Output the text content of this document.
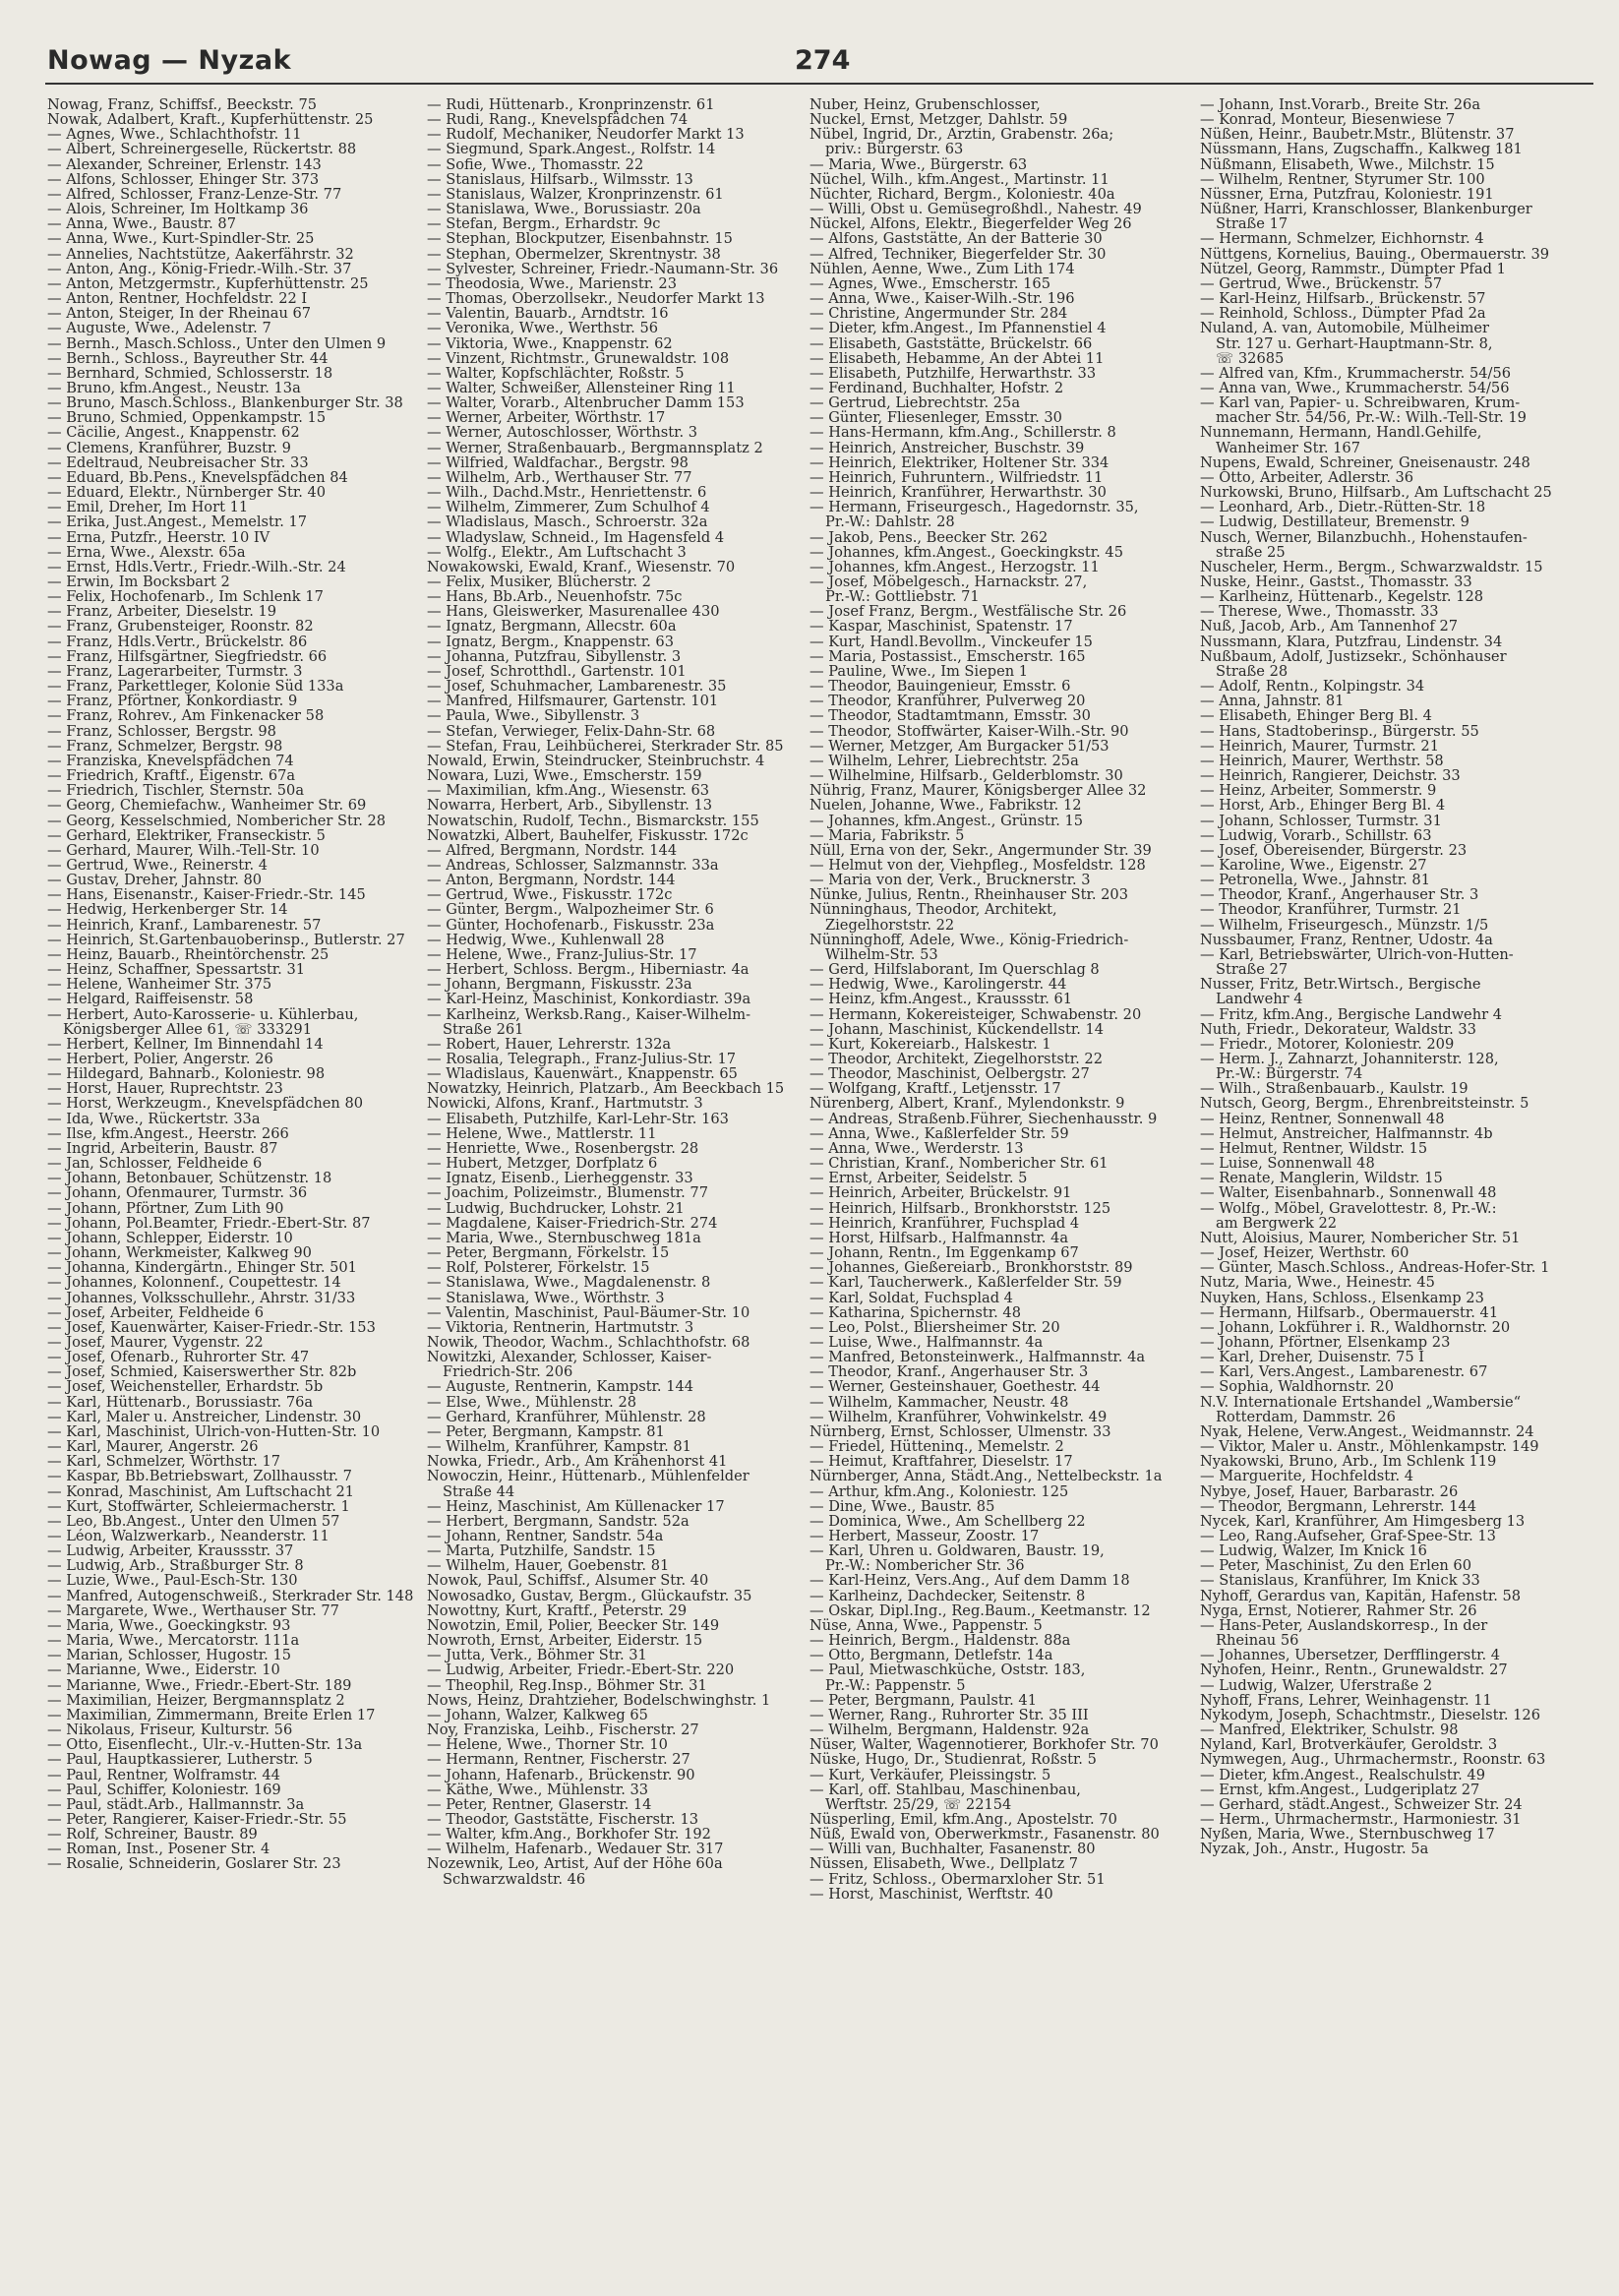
Nowag — Nyzak	274
Nowag, Franz, Schiffsf., Beeckstr. 75
Nowak, Adalbert, Kraft., Kupferhüttenstr. 25
— Agnes, Wwe., Schlachthofstr. 11
— Albert, Schreinergeselle, Rückertstr. 88
— Alexander, Schreiner, Erlenstr. 143
— Alfons, Schlosser, Ehinger Str. 373
— Alfred, Schlosser, Franz-Lenze-Str. 77
— Alois, Schreiner, Im Holtkamp 36
— Anna, Wwe., Baustr. 87
— Anna, Wwe., Kurt-Spindler-Str. 25
— Annelies, Nachtstütze, Aakerfährstr. 32
— Anton, Ang., König-Friedr.-Wilh.-Str. 37
— Anton, Metzgermstr., Kupferhüttenstr. 25
— Anton, Rentner, Hochfeldstr. 22 I
— Anton, Steiger, In der Rheinau 67
— Auguste, Wwe., Adelenstr. 7
— Bernh., Masch.Schloss., Unter den Ulmen 9
— Bernh., Schloss., Bayreuther Str. 44
— Bernhard, Schmied, Schlosserstr. 18
— Bruno, kfm.Angest., Neustr. 13a
— Bruno, Masch.Schloss., Blankenburger Str. 38
— Bruno, Schmied, Oppenkampstr. 15
— Cäcilie, Angest., Knappenstr. 62
— Clemens, Kranführer, Buzstr. 9
— Edeltraud, Neubreisacher Str. 33
— Eduard, Bb.Pens., Knevelspfädchen 84
— Eduard, Elektr., Nürnberger Str. 40
— Emil, Dreher, Im Hort 11
— Erika, Just.Angest., Memelstr. 17
— Erna, Putzfr., Heerstr. 10 IV
— Erna, Wwe., Alexstr. 65a
— Ernst, Hdls.Vertr., Friedr.-Wilh.-Str. 24
— Erwin, Im Bocksbart 2
— Felix, Hochofenarb., Im Schlenk 17
— Franz, Arbeiter, Dieselstr. 19
— Franz, Grubensteiger, Roonstr. 82
— Franz, Hdls.Vertr., Brückelstr. 86
— Franz, Hilfsgärtner, Siegfriedstr. 66
— Franz, Lagerarbeiter, Turmstr. 3
— Franz, Parkettleger, Kolonie Süd 133a
— Franz, Pförtner, Konkordiastr. 9
— Franz, Rohrev., Am Finkenacker 58
— Franz, Schlosser, Bergstr. 98
— Franz, Schmelzer, Bergstr. 98
— Franziska, Knevelspfädchen 74
— Friedrich, Kraftf., Eigenstr. 67a
— Friedrich, Tischler, Sternstr. 50a
— Georg, Chemiefachw., Wanheimer Str. 69
— Georg, Kesselschmied, Nombericher Str. 28
— Gerhard, Elektriker, Franseckistr. 5
— Gerhard, Maurer, Wilh.-Tell-Str. 10
— Gertrud, Wwe., Reinerstr. 4
— Gustav, Dreher, Jahnstr. 80
— Hans, Eisenanstr., Kaiser-Friedr.-Str. 145
— Hedwig, Herkenberger Str. 14
— Heinrich, Kranf., Lambarenestr. 57
— Heinrich, St.Gartenbauoberinsp., Butlerstr. 27
— Heinz, Bauarb., Rheintörchenstr. 25
— Heinz, Schaffner, Spessartstr. 31
— Helene, Wanheimer Str. 375
— Helgard, Raiffeisenstr. 58
— Herbert, Auto-Karosserie- u. Kühlerbau,
Königsberger Allee 61, ☏ 333291
— Herbert, Kellner, Im Binnendahl 14
— Herbert, Polier, Angerstr. 26
— Hildegard, Bahnarb., Koloniestr. 98
— Horst, Hauer, Ruprechtstr. 23
— Horst, Werkzeugm., Knevelspfädchen 80
— Ida, Wwe., Rückertstr. 33a
— Ilse, kfm.Angest., Heerstr. 266
— Ingrid, Arbeiterin, Baustr. 87
— Jan, Schlosser, Feldheide 6
— Johann, Betonbauer, Schützenstr. 18
— Johann, Ofenmaurer, Turmstr. 36
— Johann, Pförtner, Zum Lith 90
— Johann, Pol.Beamter, Friedr.-Ebert-Str. 87
— Johann, Schlepper, Eiderstr. 10
— Johann, Werkmeister, Kalkweg 90
— Johanna, Kindergärtn., Ehinger Str. 501
— Johannes, Kolonnenf., Coupettestr. 14
— Johannes, Volksschullehr., Ahrstr. 31/33
— Josef, Arbeiter, Feldheide 6
— Josef, Kauenwärter, Kaiser-Friedr.-Str. 153
— Josef, Maurer, Vygenstr. 22
— Josef, Ofenarb., Ruhrorter Str. 47
— Josef, Schmied, Kaiserswerther Str. 82b
— Josef, Weichensteller, Erhardstr. 5b
— Karl, Hüttenarb., Borussiastr. 76a
— Karl, Maler u. Anstreicher, Lindenstr. 30
— Karl, Maschinist, Ulrich-von-Hutten-Str. 10
— Karl, Maurer, Angerstr. 26
— Karl, Schmelzer, Wörthstr. 17
— Kaspar, Bb.Betriebswart, Zollhausstr. 7
— Konrad, Maschinist, Am Luftschacht 21
— Kurt, Stoffwärter, Schleiermacherstr. 1
— Leo, Bb.Angest., Unter den Ulmen 57
— Léon, Walzwerkarb., Neanderstr. 11
— Ludwig, Arbeiter, Kraussstr. 37
— Ludwig, Arb., Straßburger Str. 8
— Luzie, Wwe., Paul-Esch-Str. 130
— Manfred, Autogenschweiß., Sterkrader Str. 148
— Margarete, Wwe., Werthauser Str. 77
— Maria, Wwe., Goeckingkstr. 93
— Maria, Wwe., Mercatorstr. 111a
— Marian, Schlosser, Hugostr. 15
— Marianne, Wwe., Eiderstr. 10
— Marianne, Wwe., Friedr.-Ebert-Str. 189
— Maximilian, Heizer, Bergmannsplatz 2
— Maximilian, Zimmermann, Breite Erlen 17
— Nikolaus, Friseur, Kulturstr. 56
— Otto, Eisenflecht., Ulr.-v.-Hutten-Str. 13a
— Paul, Hauptkassierer, Lutherstr. 5
— Paul, Rentner, Wolframstr. 44
— Paul, Schiffer, Koloniestr. 169
— Paul, städt.Arb., Hallmannstr. 3a
— Peter, Rangierer, Kaiser-Friedr.-Str. 55
— Rolf, Schreiner, Baustr. 89
— Roman, Inst., Posener Str. 4
— Rosalie, Schneiderin, Goslarer Str. 23
— Rudi, Hüttenarb., Kronprinzenstr. 61
— Rudi, Rang., Knevelspfädchen 74
— Rudolf, Mechaniker, Neudorfer Markt 13
— Siegmund, Spark.Angest., Rolfstr. 14
— Sofie, Wwe., Thomasstr. 22
— Stanislaus, Hilfsarb., Wilmsstr. 13
— Stanislaus, Walzer, Kronprinzenstr. 61
— Stanislawa, Wwe., Borussiastr. 20a
— Stefan, Bergm., Erhardstr. 9c
— Stephan, Blockputzer, Eisenbahnstr. 15
— Stephan, Obermelzer, Skrentnystr. 38
— Sylvester, Schreiner, Friedr.-Naumann-Str. 36
— Theodosia, Wwe., Marienstr. 23
— Thomas, Oberzollsekr., Neudorfer Markt 13
— Valentin, Bauarb., Arndtstr. 16
— Veronika, Wwe., Werthstr. 56
— Viktoria, Wwe., Knappenstr. 62
— Vinzent, Richtmstr., Grunewaldstr. 108
— Walter, Kopfschlächter, Roßstr. 5
— Walter, Schweißer, Allensteiner Ring 11
— Walter, Vorarb., Altenbrucher Damm 153
— Werner, Arbeiter, Wörthstr. 17
— Werner, Autoschlosser, Wörthstr. 3
— Werner, Straßenbauarb., Bergmannsplatz 2
— Wilfried, Waldfachar., Bergstr. 98
— Wilhelm, Arb., Werthauser Str. 77
— Wilh., Dachd.Mstr., Henriettenstr. 6
— Wilhelm, Zimmerer, Zum Schulhof 4
— Wladislaus, Masch., Schroerstr. 32a
— Wladyslaw, Schneid., Im Hagensfeld 4
— Wolfg., Elektr., Am Luftschacht 3
Nowakowski, Ewald, Kranf., Wiesenstr. 70
— Felix, Musiker, Blücherstr. 2
— Hans, Bb.Arb., Neuenhofstr. 75c
— Hans, Gleiswerker, Masurenallee 430
— Ignatz, Bergmann, Allecstr. 60a
— Ignatz, Bergm., Knappenstr. 63
— Johanna, Putzfrau, Sibyllenstr. 3
— Josef, Schrotthdl., Gartenstr. 101
— Josef, Schuhmacher, Lambarenestr. 35
— Manfred, Hilfsmaurer, Gartenstr. 101
— Paula, Wwe., Sibyllenstr. 3
— Stefan, Verwieger, Felix-Dahn-Str. 68
— Stefan, Frau, Leihbücherei, Sterkrader Str. 85
Nowald, Erwin, Steindrucker, Steinbruchstr. 4
Nowara, Luzi, Wwe., Emscherstr. 159
— Maximilian, kfm.Ang., Wiesenstr. 63
Nowarra, Herbert, Arb., Sibyllenstr. 13
Nowatschin, Rudolf, Techn., Bismarckstr. 155
Nowatzki, Albert, Bauhelfer, Fiskusstr. 172c
— Alfred, Bergmann, Nordstr. 144
— Andreas, Schlosser, Salzmannstr. 33a
— Anton, Bergmann, Nordstr. 144
— Gertrud, Wwe., Fiskusstr. 172c
— Günter, Bergm., Walpozheimer Str. 6
— Günter, Hochofenarb., Fiskusstr. 23a
— Hedwig, Wwe., Kuhlenwall 28
— Helene, Wwe., Franz-Julius-Str. 17
— Herbert, Schloss. Bergm., Hiberniastr. 4a
— Johann, Bergmann, Fiskusstr. 23a
— Karl-Heinz, Maschinist, Konkordiastr. 39a
— Karlheinz, Werksb.Rang., Kaiser-Wilhelm-
Straße 261
— Robert, Hauer, Lehrerstr. 132a
— Rosalia, Telegraph., Franz-Julius-Str. 17
— Wladislaus, Kauenwärt., Knappenstr. 65
Nowatzky, Heinrich, Platzarb., Am Beeckbach 15
Nowicki, Alfons, Kranf., Hartmutstr. 3
— Elisabeth, Putzhilfe, Karl-Lehr-Str. 163
— Helene, Wwe., Mattlerstr. 11
— Henriette, Wwe., Rosenbergstr. 28
— Hubert, Metzger, Dorfplatz 6
— Ignatz, Eisenb., Lierheggenstr. 33
— Joachim, Polizeimstr., Blumenstr. 77
— Ludwig, Buchdrucker, Lohstr. 21
— Magdalene, Kaiser-Friedrich-Str. 274
— Maria, Wwe., Sternbuschweg 181a
— Peter, Bergmann, Förkelstr. 15
— Rolf, Polsterer, Förkelstr. 15
— Stanislawa, Wwe., Magdalenenstr. 8
— Stanislawa, Wwe., Wörthstr. 3
— Valentin, Maschinist, Paul-Bäumer-Str. 10
— Viktoria, Rentnerin, Hartmutstr. 3
Nowik, Theodor, Wachm., Schlachthofstr. 68
Nowitzki, Alexander, Schlosser, Kaiser-
Friedrich-Str. 206
— Auguste, Rentnerin, Kampstr. 144
— Else, Wwe., Mühlenstr. 28
— Gerhard, Kranführer, Mühlenstr. 28
— Peter, Bergmann, Kampstr. 81
— Wilhelm, Kranführer, Kampstr. 81
Nowka, Friedr., Arb., Am Krähenhorst 41
Nowoczin, Heinr., Hüttenarb., Mühlenfelder
Straße 44
— Heinz, Maschinist, Am Küllenacker 17
— Herbert, Bergmann, Sandstr. 52a
— Johann, Rentner, Sandstr. 54a
— Marta, Putzhilfe, Sandstr. 15
— Wilhelm, Hauer, Goebenstr. 81
Nowok, Paul, Schiffsf., Alsumer Str. 40
Nowosadko, Gustav, Bergm., Glückaufstr. 35
Nowottny, Kurt, Kraftf., Peterstr. 29
Nowotzin, Emil, Polier, Beecker Str. 149
Nowroth, Ernst, Arbeiter, Eiderstr. 15
— Jutta, Verk., Böhmer Str. 31
— Ludwig, Arbeiter, Friedr.-Ebert-Str. 220
— Theophil, Reg.Insp., Böhmer Str. 31
Nows, Heinz, Drahtzieher, Bodelschwinghstr. 1
— Johann, Walzer, Kalkweg 65
Noy, Franziska, Leihb., Fischerstr. 27
— Helene, Wwe., Thorner Str. 10
— Hermann, Rentner, Fischerstr. 27
— Johann, Hafenarb., Brückenstr. 90
— Käthe, Wwe., Mühlenstr. 33
— Peter, Rentner, Glaserstr. 14
— Theodor, Gaststätte, Fischerstr. 13
— Walter, kfm.Ang., Borkhofer Str. 192
— Wilhelm, Hafenarb., Wedauer Str. 317
Nozewnik, Leo, Artist, Auf der Höhe 60a
Schwarzwaldstr. 46
Nuber, Heinz, Grubenschlosser,
Nuckel, Ernst, Metzger, Dahlstr. 59
Nübel, Ingrid, Dr., Ärztin, Grabenstr. 26a;
priv.: Bürgerstr. 63
— Maria, Wwe., Bürgerstr. 63
Nüchel, Wilh., kfm.Angest., Martinstr. 11
Nüchter, Richard, Bergm., Koloniestr. 40a
— Willi, Obst u. Gemüsegroßhdl., Nahestr. 49
Nückel, Alfons, Elektr., Biegerfelder Weg 26
— Alfons, Gaststätte, An der Batterie 30
— Alfred, Techniker, Biegerfelder Str. 30
Nühlen, Aenne, Wwe., Zum Lith 174
— Agnes, Wwe., Emscherstr. 165
— Anna, Wwe., Kaiser-Wilh.-Str. 196
— Christine, Angermunder Str. 284
— Dieter, kfm.Angest., Im Pfannenstiel 4
— Elisabeth, Gaststätte, Brückelstr. 66
— Elisabeth, Hebamme, An der Abtei 11
— Elisabeth, Putzhilfe, Herwarthstr. 33
— Ferdinand, Buchhalter, Hofstr. 2
— Gertrud, Liebrechtstr. 25a
— Günter, Fliesenleger, Emsstr. 30
— Hans-Hermann, kfm.Ang., Schillerstr. 8
— Heinrich, Anstreicher, Buschstr. 39
— Heinrich, Elektriker, Holtener Str. 334
— Heinrich, Fuhruntern., Wilfriedstr. 11
— Heinrich, Kranführer, Herwarthstr. 30
— Hermann, Friseurgesch., Hagedornstr. 35,
Pr.-W.: Dahlstr. 28
— Jakob, Pens., Beecker Str. 262
— Johannes, kfm.Angest., Goeckingkstr. 45
— Johannes, kfm.Angest., Herzogstr. 11
— Josef, Möbelgesch., Harnackstr. 27,
Pr.-W.: Gottliebstr. 71
— Josef Franz, Bergm., Westfälische Str. 26
— Kaspar, Maschinist, Spatenstr. 17
— Kurt, Handl.Bevollm., Vinckeufer 15
— Maria, Postassist., Emscherstr. 165
— Pauline, Wwe., Im Siepen 1
— Theodor, Bauingenieur, Emsstr. 6
— Theodor, Kranführer, Pulverweg 20
— Theodor, Stadtamtmann, Emsstr. 30
— Theodor, Stoffwärter, Kaiser-Wilh.-Str. 90
— Werner, Metzger, Am Burgacker 51/53
— Wilhelm, Lehrer, Liebrechtstr. 25a
— Wilhelmine, Hilfsarb., Gelderblomstr. 30
Nührig, Franz, Maurer, Königsberger Allee 32
Nuelen, Johanne, Wwe., Fabrikstr. 12
— Johannes, kfm.Angest., Grünstr. 15
— Maria, Fabrikstr. 5
Nüll, Erna von der, Sekr., Angermunder Str. 39
— Helmut von der, Viehpfleg., Mosfeldstr. 128
— Maria von der, Verk., Brucknerstr. 3
Nünke, Julius, Rentn., Rheinhauser Str. 203
Nünninghaus, Theodor, Architekt,
Ziegelhorststr. 22
Nünninghoff, Adele, Wwe., König-Friedrich-
Wilhelm-Str. 53
— Gerd, Hilfslaborant, Im Querschlag 8
— Hedwig, Wwe., Karolingerstr. 44
— Heinz, kfm.Angest., Kraussstr. 61
— Hermann, Kokereisteiger, Schwabenstr. 20
— Johann, Maschinist, Kückendellstr. 14
— Kurt, Kokereiarb., Halskestr. 1
— Theodor, Architekt, Ziegelhorststr. 22
— Theodor, Maschinist, Oelbergstr. 27
— Wolfgang, Kraftf., Letjensstr. 17
Nürenberg, Albert, Kranf., Mylendonkstr. 9
— Andreas, Straßenb.Führer, Siechenhausstr. 9
— Anna, Wwe., Kaßlerfelder Str. 59
— Anna, Wwe., Werderstr. 13
— Christian, Kranf., Nombericher Str. 61
— Ernst, Arbeiter, Seidelstr. 5
— Heinrich, Arbeiter, Brückelstr. 91
— Heinrich, Hilfsarb., Bronkhorststr. 125
— Heinrich, Kranführer, Fuchsplad 4
— Horst, Hilfsarb., Halfmannstr. 4a
— Johann, Rentn., Im Eggenkamp 67
— Johannes, Gießereiarb., Bronkhorststr. 89
— Karl, Taucherwerk., Kaßlerfelder Str. 59
— Karl, Soldat, Fuchsplad 4
— Katharina, Spichernstr. 48
— Leo, Polst., Bliersheimer Str. 20
— Luise, Wwe., Halfmannstr. 4a
— Manfred, Betonsteinwerk., Halfmannstr. 4a
— Theodor, Kranf., Angerhauser Str. 3
— Werner, Gesteinshauer, Goethestr. 44
— Wilhelm, Kammacher, Neustr. 48
— Wilhelm, Kranführer, Vohwinkelstr. 49
Nürnberg, Ernst, Schlosser, Ulmenstr. 33
— Friedel, Hütteninq., Memelstr. 2
— Heimut, Kraftfahrer, Dieselstr. 17
Nürnberger, Anna, Städt.Ang., Nettelbeckstr. 1a
— Arthur, kfm.Ang., Koloniestr. 125
— Dine, Wwe., Baustr. 85
— Dominica, Wwe., Am Schellberg 22
— Herbert, Masseur, Zoostr. 17
— Karl, Uhren u. Goldwaren, Baustr. 19,
Pr.-W.: Nombericher Str. 36
— Karl-Heinz, Vers.Ang., Auf dem Damm 18
— Karlheinz, Dachdecker, Seitenstr. 8
— Oskar, Dipl.Ing., Reg.Baum., Keetmanstr. 12
Nüse, Anna, Wwe., Pappenstr. 5
— Heinrich, Bergm., Haldenstr. 88a
— Otto, Bergmann, Detlefstr. 14a
— Paul, Mietwaschküche, Oststr. 183,
Pr.-W.: Pappenstr. 5
— Peter, Bergmann, Paulstr. 41
— Werner, Rang., Ruhrorter Str. 35 III
— Wilhelm, Bergmann, Haldenstr. 92a
Nüser, Walter, Wagennotierer, Borkhofer Str. 70
Nüske, Hugo, Dr., Studienrat, Roßstr. 5
— Kurt, Verkäufer, Pleissingstr. 5
— Karl, off. Stahlbau, Maschinenbau,
Werftstr. 25/29, ☏ 22154
Nüsperling, Emil, kfm.Ang., Apostelstr. 70
Nüß, Ewald von, Oberwerkmstr., Fasanenstr. 80
— Willi van, Buchhalter, Fasanenstr. 80
Nüssen, Elisabeth, Wwe., Dellplatz 7
— Fritz, Schloss., Obermarxloher Str. 51
— Horst, Maschinist, Werftstr. 40
— Johann, Inst.Vorarb., Breite Str. 26a
— Konrad, Monteur, Biesenwiese 7
Nüßen, Heinr., Baubetr.Mstr., Blütenstr. 37
Nüssmann, Hans, Zugschaffn., Kalkweg 181
Nüßmann, Elisabeth, Wwe., Milchstr. 15
— Wilhelm, Rentner, Styrumer Str. 100
Nüssner, Erna, Putzfrau, Koloniestr. 191
Nüßner, Harri, Kranschlosser, Blankenburger
Straße 17
— Hermann, Schmelzer, Eichhornstr. 4
Nüttgens, Kornelius, Bauing., Obermauerstr. 39
Nützel, Georg, Rammstr., Dümpter Pfad 1
— Gertrud, Wwe., Brückenstr. 57
— Karl-Heinz, Hilfsarb., Brückenstr. 57
— Reinhold, Schloss., Dümpter Pfad 2a
Nuland, A. van, Automobile, Mülheimer
Str. 127 u. Gerhart-Hauptmann-Str. 8,
☏ 32685
— Alfred van, Kfm., Krummacherstr. 54/56
— Anna van, Wwe., Krummacherstr. 54/56
— Karl van, Papier- u. Schreibwaren, Krum-
macher Str. 54/56, Pr.-W.: Wilh.-Tell-Str. 19
Nunnemann, Hermann, Handl.Gehilfe,
Wanheimer Str. 167
Nupens, Ewald, Schreiner, Gneisenaustr. 248
— Otto, Arbeiter, Adlerstr. 36
Nurkowski, Bruno, Hilfsarb., Am Luftschacht 25
— Leonhard, Arb., Dietr.-Rütten-Str. 18
— Ludwig, Destillateur, Bremenstr. 9
Nusch, Werner, Bilanzbuchh., Hohenstaufen-
straße 25
Nuscheler, Herm., Bergm., Schwarzwaldstr. 15
Nuske, Heinr., Gastst., Thomasstr. 33
— Karlheinz, Hüttenarb., Kegelstr. 128
— Therese, Wwe., Thomasstr. 33
Nuß, Jacob, Arb., Am Tannenhof 27
Nussmann, Klara, Putzfrau, Lindenstr. 34
Nußbaum, Adolf, Justizsekr., Schönhauser
Straße 28
— Adolf, Rentn., Kolpingstr. 34
— Anna, Jahnstr. 81
— Elisabeth, Ehinger Berg Bl. 4
— Hans, Stadtoberinsp., Bürgerstr. 55
— Heinrich, Maurer, Turmstr. 21
— Heinrich, Maurer, Werthstr. 58
— Heinrich, Rangierer, Deichstr. 33
— Heinz, Arbeiter, Sommerstr. 9
— Horst, Arb., Ehinger Berg Bl. 4
— Johann, Schlosser, Turmstr. 31
— Ludwig, Vorarb., Schillstr. 63
— Josef, Obereisender, Bürgerstr. 23
— Karoline, Wwe., Eigenstr. 27
— Petronella, Wwe., Jahnstr. 81
— Theodor, Kranf., Angerhauser Str. 3
— Theodor, Kranführer, Turmstr. 21
— Wilhelm, Friseurgesch., Münzstr. 1/5
Nussbaumer, Franz, Rentner, Udostr. 4a
— Karl, Betriebswärter, Ulrich-von-Hutten-
Straße 27
Nusser, Fritz, Betr.Wirtsch., Bergische
Landwehr 4
— Fritz, kfm.Ang., Bergische Landwehr 4
Nuth, Friedr., Dekorateur, Waldstr. 33
— Friedr., Motorer, Koloniestr. 209
— Herm. J., Zahnarzt, Johanniterstr. 128,
Pr.-W.: Bürgerstr. 74
— Wilh., Straßenbauarb., Kaulstr. 19
Nutsch, Georg, Bergm., Ehrenbreitsteinstr. 5
— Heinz, Rentner, Sonnenwall 48
— Helmut, Anstreicher, Halfmannstr. 4b
— Helmut, Rentner, Wildstr. 15
— Luise, Sonnenwall 48
— Renate, Manglerin, Wildstr. 15
— Walter, Eisenbahnarb., Sonnenwall 48
— Wolfg., Möbel, Gravelottestr. 8, Pr.-W.:
am Bergwerk 22
Nutt, Aloisius, Maurer, Nombericher Str. 51
— Josef, Heizer, Werthstr. 60
— Günter, Masch.Schloss., Andreas-Hofer-Str. 1
Nutz, Maria, Wwe., Heinestr. 45
Nuyken, Hans, Schloss., Elsenkamp 23
— Hermann, Hilfsarb., Obermauerstr. 41
— Johann, Lokführer i. R., Waldhornstr. 20
— Johann, Pförtner, Elsenkamp 23
— Karl, Dreher, Duisenstr. 75 I
— Karl, Vers.Angest., Lambarenestr. 67
— Sophia, Waldhornstr. 20
N.V. Internationale Ertshandel „Wambersie“
Rotterdam, Dammstr. 26
Nyak, Helene, Verw.Angest., Weidmannstr. 24
— Viktor, Maler u. Anstr., Möhlenkampstr. 149
Nyakowski, Bruno, Arb., Im Schlenk 119
— Marguerite, Hochfeldstr. 4
Nybye, Josef, Hauer, Barbarastr. 26
— Theodor, Bergmann, Lehrerstr. 144
Nycek, Karl, Kranführer, Am Himgesberg 13
— Leo, Rang.Aufseher, Graf-Spee-Str. 13
— Ludwig, Walzer, Im Knick 16
— Peter, Maschinist, Zu den Erlen 60
— Stanislaus, Kranführer, Im Knick 33
Nyhoff, Gerardus van, Kapitän, Hafenstr. 58
Nyga, Ernst, Notierer, Rahmer Str. 26
— Hans-Peter, Auslandskorresp., In der
Rheinau 56
— Johannes, Übersetzer, Derfflingerstr. 4
Nyhofen, Heinr., Rentn., Grunewaldstr. 27
— Ludwig, Walzer, Uferstraße 2
Nyhoff, Frans, Lehrer, Weinhagenstr. 11
Nykodym, Joseph, Schachtmstr., Dieselstr. 126
— Manfred, Elektriker, Schulstr. 98
Nyland, Karl, Brotverkäufer, Geroldstr. 3
Nymwegen, Aug., Uhrmachermstr., Roonstr. 63
— Dieter, kfm.Angest., Realschulstr. 49
— Ernst, kfm.Angest., Ludgeriplatz 27
— Gerhard, städt.Angest., Schweizer Str. 24
— Herm., Uhrmachermstr., Harmoniestr. 31
Nyßen, Maria, Wwe., Sternbuschweg 17
Nyzak, Joh., Anstr., Hugostr. 5a
